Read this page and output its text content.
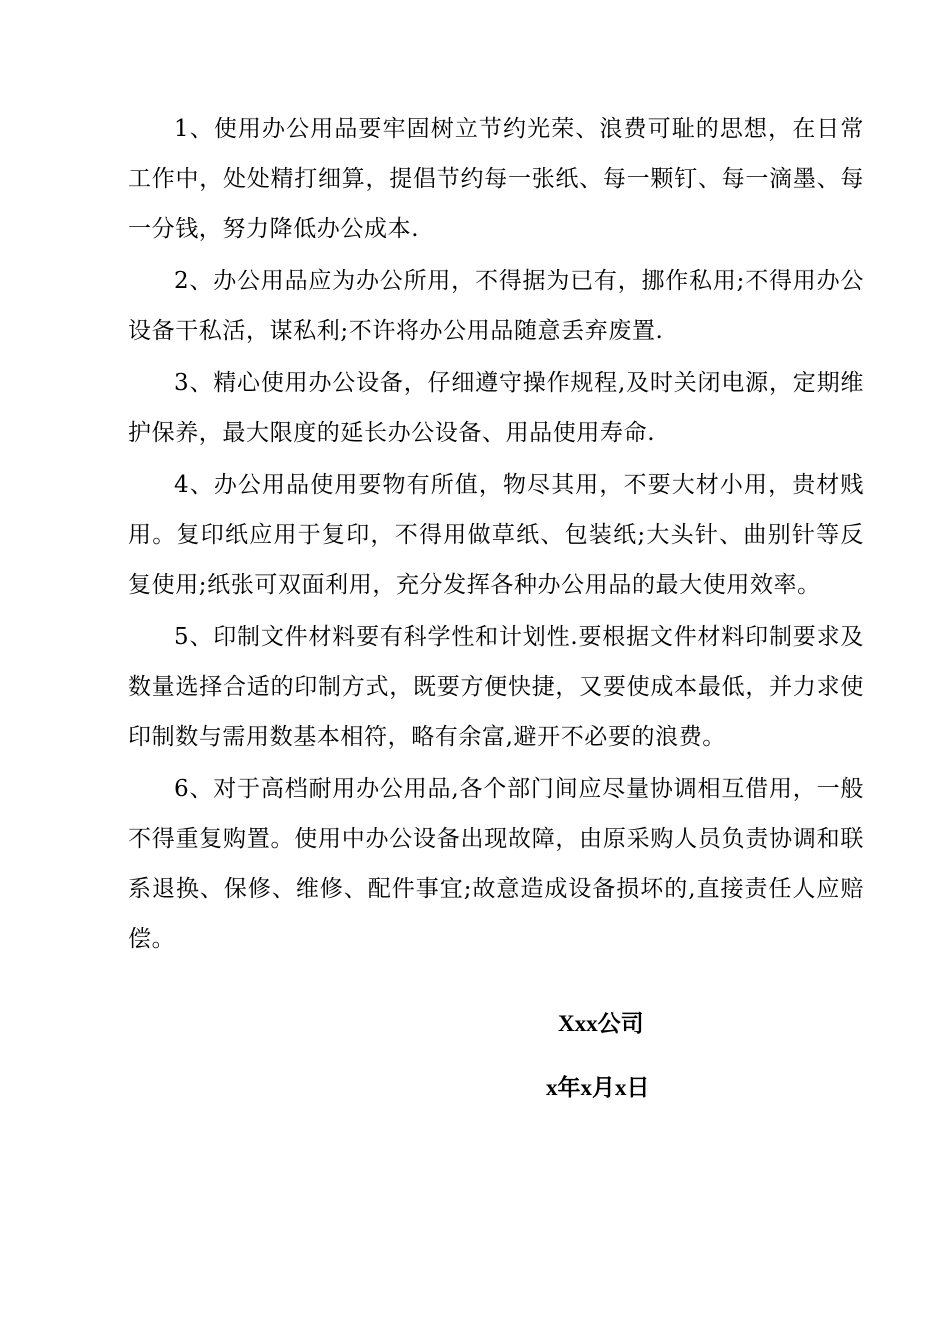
1、使用办公用品要牢固树立节约光荣、浪费可耻的思想，在日常工作中，处处精打细算，提倡节约每一张纸、每一颗钉、每一滴墨、每一分钱，努力降低办公成本.

2、办公用品应为办公所用，不得据为已有，挪作私用;不得用办公设备干私活，谋私利;不许将办公用品随意丢弃废置.

3、精心使用办公设备，仔细遵守操作规程,及时关闭电源，定期维护保养，最大限度的延长办公设备、用品使用寿命.

4、办公用品使用要物有所值，物尽其用，不要大材小用，贵材贱用。复印纸应用于复印，不得用做草纸、包装纸;大头针、曲别针等反复使用;纸张可双面利用，充分发挥各种办公用品的最大使用效率。

5、印制文件材料要有科学性和计划性.要根据文件材料印制要求及数量选择合适的印制方式，既要方便快捷，又要使成本最低，并力求使印制数与需用数基本相符，略有余富,避开不必要的浪费。

6、对于高档耐用办公用品,各个部门间应尽量协调相互借用，一般不得重复购置。使用中办公设备出现故障，由原采购人员负责协调和联系退换、保修、维修、配件事宜;故意造成设备损坏的,直接责任人应赔偿。

Xxx公司
x年x月x日
